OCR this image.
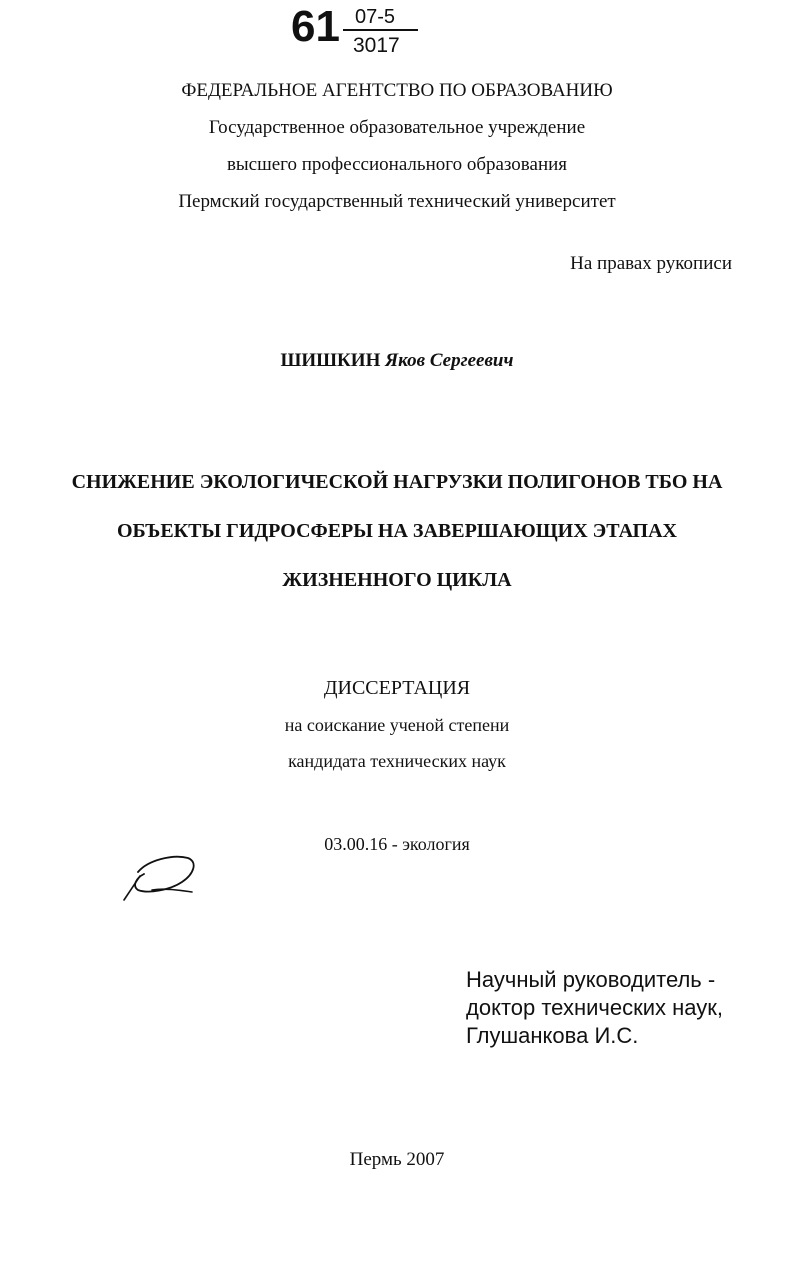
61 07-5
3017
ФЕДЕРАЛЬНОЕ АГЕНТСТВО ПО ОБРАЗОВАНИЮ
Государственное образовательное учреждение
высшего профессионального образования
Пермский государственный технический университет
На правах рукописи
ШИШКИН Яков Сергеевич
СНИЖЕНИЕ ЭКОЛОГИЧЕСКОЙ НАГРУЗКИ ПОЛИГОНОВ ТБО НА
ОБЪЕКТЫ ГИДРОСФЕРЫ НА ЗАВЕРШАЮЩИХ ЭТАПАХ
ЖИЗНЕННОГО ЦИКЛА
ДИССЕРТАЦИЯ
на соискание ученой степени
кандидата технических наук
03.00.16 - экология
Научный руководитель -
доктор технических наук,
Глушанкова И.С.
Пермь 2007
